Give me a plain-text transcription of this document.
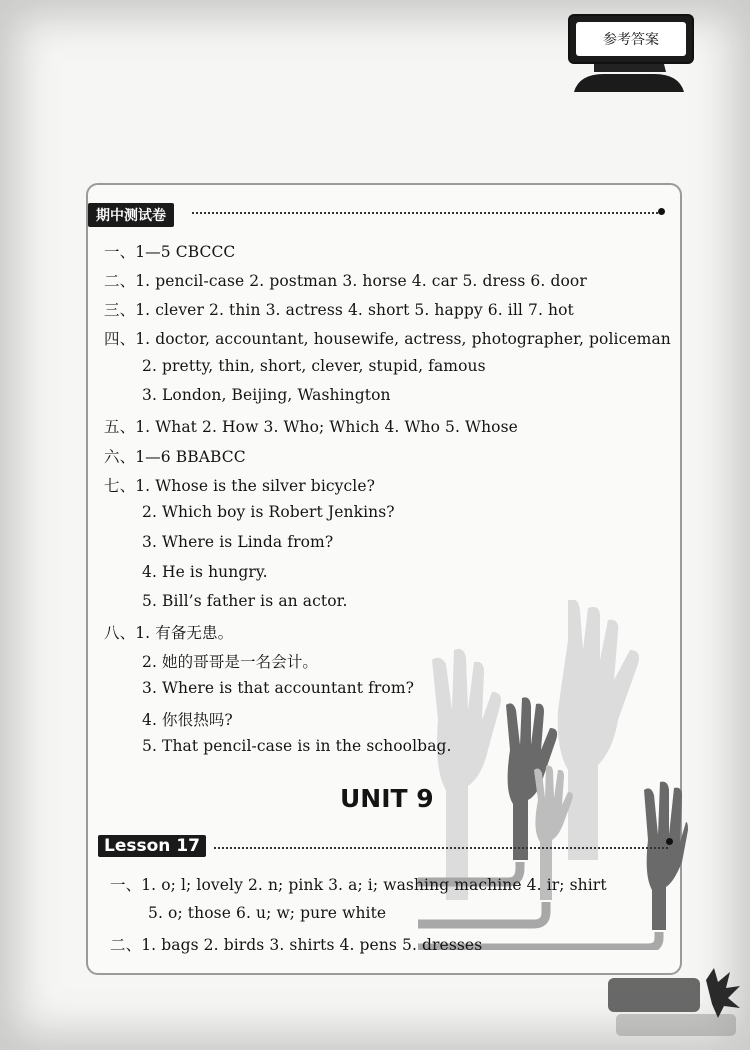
参考答案
期中测试卷
一、1—5 CBCCC
二、1. pencil-case 2. postman 3. horse 4. car 5. dress 6. door
三、1. clever 2. thin 3. actress 4. short 5. happy 6. ill 7. hot
四、1. doctor, accountant, housewife, actress, photographer, policeman
2. pretty, thin, short, clever, stupid, famous
3. London, Beijing, Washington
五、1. What 2. How 3. Who; Which 4. Who 5. Whose
六、1—6 BBABCC
七、1. Whose is the silver bicycle?
2. Which boy is Robert Jenkins?
3. Where is Linda from?
4. He is hungry.
5. Bill’s father is an actor.
八、1. 有备无患。
2. 她的哥哥是一名会计。
3. Where is that accountant from?
4. 你很热吗?
5. That pencil-case is in the schoolbag.
UNIT 9
Lesson 17
一、1. o; l; lovely 2. n; pink 3. a; i; washing machine 4. ir; shirt
5. o; those 6. u; w; pure white
二、1. bags 2. birds 3. shirts 4. pens 5. dresses
